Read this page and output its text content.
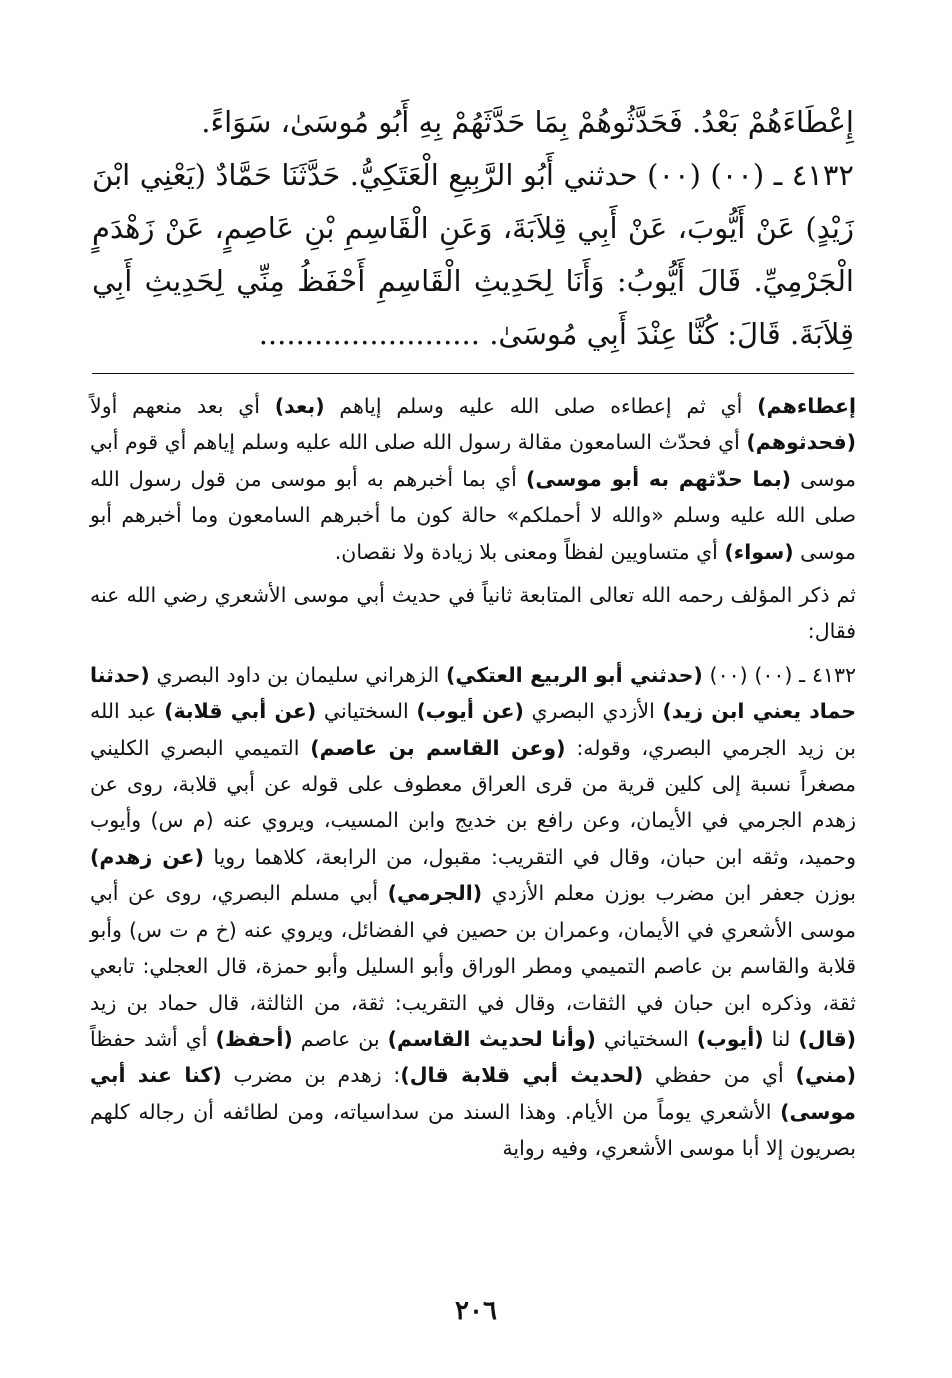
إِعْطَاءَهُمْ بَعْدُ. فَحَدَّثُوهُمْ بِمَا حَدَّثَهُمْ بِهِ أَبُو مُوسَىٰ، سَوَاءً.

٤١٣٢ ـ (٠٠) (٠٠) حدثني أَبُو الرَّبِيعِ الْعَتَكِيُّ. حَدَّثَنَا حَمَّادٌ (يَعْنِي ابْنَ زَيْدٍ) عَنْ أَيُّوبَ، عَنْ أَبِي قِلاَبَةَ، وَعَنِ الْقَاسِمِ بْنِ عَاصِمٍ، عَنْ زَهْدَمٍ الْجَرْمِيِّ. قَالَ أَيُّوبُ: وَأَنَا لِحَدِيثِ الْقَاسِمِ أَحْفَظُ مِنِّي لِحَدِيثِ أَبِي قِلاَبَةَ. قَالَ: كُنَّا عِنْدَ أَبِي مُوسَىٰ. ........................

إعطاءهم) أي ثم إعطاءه صلى الله عليه وسلم إياهم (بعد) أي بعد منعهم أولاً (فحدثوهم) أي فحدّث السامعون مقالة رسول الله صلى الله عليه وسلم إياهم أي قوم أبي موسى (بما حدّثهم به أبو موسى) أي بما أخبرهم به أبو موسى من قول رسول الله صلى الله عليه وسلم «والله لا أحملكم» حالة كون ما أخبرهم السامعون وما أخبرهم أبو موسى (سواء) أي متساويين لفظاً ومعنى بلا زيادة ولا نقصان.

ثم ذكر المؤلف رحمه الله تعالى المتابعة ثانياً في حديث أبي موسى الأشعري رضي الله عنه فقال:

٤١٣٢ ـ (٠٠) (٠٠) (حدثني أبو الربيع العتكي) الزهراني سليمان بن داود البصري (حدثنا حماد يعني ابن زيد) الأزدي البصري (عن أيوب) السختياني (عن أبي قلابة) عبد الله بن زيد الجرمي البصري، وقوله: (وعن القاسم بن عاصم) التميمي البصري الكليني مصغراً نسبة إلى كلين قرية من قرى العراق معطوف على قوله عن أبي قلابة، روى عن زهدم الجرمي في الأيمان، وعن رافع بن خديج وابن المسيب، ويروي عنه (م س) وأيوب وحميد، وثقه ابن حبان، وقال في التقريب: مقبول، من الرابعة، كلاهما رويا (عن زهدم) بوزن جعفر ابن مضرب بوزن معلم الأزدي (الجرمي) أبي مسلم البصري، روى عن أبي موسى الأشعري في الأيمان، وعمران بن حصين في الفضائل، ويروي عنه (خ م ت س) وأبو قلابة والقاسم بن عاصم التميمي ومطر الوراق وأبو السليل وأبو حمزة، قال العجلي: تابعي ثقة، وذكره ابن حبان في الثقات، وقال في التقريب: ثقة، من الثالثة، قال حماد بن زيد (قال) لنا (أيوب) السختياني (وأنا لحديث القاسم) بن عاصم (أحفظ) أي أشد حفظاً (مني) أي من حفظي (لحديث أبي قلابة قال): زهدم بن مضرب (كنا عند أبي موسى) الأشعري يوماً من الأيام. وهذا السند من سداسياته، ومن لطائفه أن رجاله كلهم بصريون إلا أبا موسى الأشعري، وفيه رواية

٢٠٦
